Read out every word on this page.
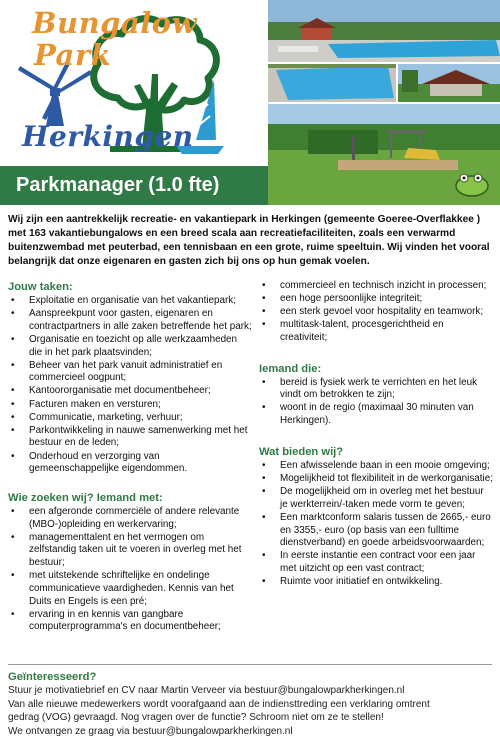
Bungalow
Park
Herkingen
Parkmanager (1.0 fte)

Wij zijn een aantrekkelijk recreatie- en vakantiepark in Herkingen (gemeente Goeree-Overflakkee ) met 163 vakantiebungalows en een breed scala aan recreatiefaciliteiten, zoals een verwarmd buitenzwembad met peuterbad, een tennisbaan en een grote, ruime speeltuin. Wij vinden het vooral belangrijk dat onze eigenaren en gasten zich bij ons op hun gemak voelen.

Jouw taken:
• Exploitatie en organisatie van het vakantiepark;
• Aanspreekpunt voor gasten, eigenaren en contractpartners in alle zaken betreffende het park;
• Organisatie en toezicht op alle werkzaamheden die in het park plaatsvinden;
• Beheer van het park vanuit administratief en commercieel oogpunt;
• Kantoororganisatie met documentbeheer;
• Facturen maken en versturen;
• Communicatie, marketing, verhuur;
• Parkontwikkeling in nauwe samenwerking met het bestuur en de leden;
• Onderhoud en verzorging van gemeenschappelijke eigendommen.
Wie zoeken wij? Iemand met:
• een afgeronde commerciële of andere relevante (MBO-)opleiding en werkervaring;
• managementtalent en het vermogen om zelfstandig taken uit te voeren in overleg met het bestuur;
• met uitstekende schriftelijke en ondelinge communicatieve vaardigheden. Kennis van het Duits en Engels is een pré;
• ervaring in en kennis van gangbare computerprogramma's en documentbeheer;
• commercieel en technisch inzicht in processen;
• een hoge persoonlijke integriteit;
• een sterk gevoel voor hospitality en teamwork;
• multitask-talent, procesgerichtheid en creativiteit;
Iemand die:
• bereid is fysiek werk te verrichten en het leuk vindt om betrokken te zijn;
• woont in de regio (maximaal 30 minuten van Herkingen).
Wat bieden wij?
• Een afwisselende baan in een mooie omgeving;
• Mogelijkheid tot flexibiliteit in de werkorganisatie;
• De mogelijkheid om in overleg met het bestuur je werkterrein/-taken mede vorm te geven;
• Een marktconform salaris tussen de 2665,- euro en 3355,- euro (op basis van een fulltime dienstverband) en goede arbeidsvoorwaarden;
• In eerste instantie een contract voor een jaar met uitzicht op een vast contract;
• Ruimte voor initiatief en ontwikkeling.
Geïnteresseerd?

Stuur je motivatiebrief en CV naar Martin Verveer via bestuur@bungalowparkherkingen.nl

Van alle nieuwe medewerkers wordt voorafgaand aan de indiensttreding een verklaring omtrent

gedrag (VOG) gevraagd. Nog vragen over de functie? Schroom niet om ze te stellen!

We ontvangen ze graag via bestuur@bungalowparkherkingen.nl
